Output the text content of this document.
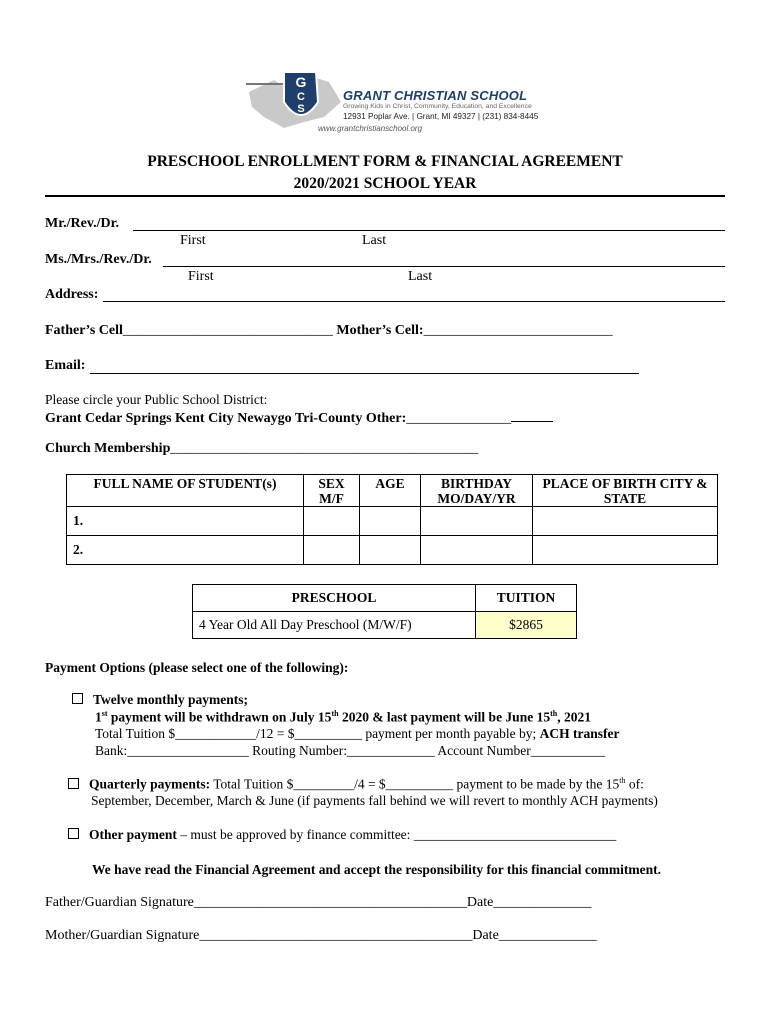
G
C
S
GRANT CHRISTIAN SCHOOL
Growing Kids in Christ, Community, Education, and Excellence
12931 Poplar Ave. | Grant, MI 49327 | (231) 834-8445
www.grantchristianschool.org
PRESCHOOL ENROLLMENT FORM & FINANCIAL AGREEMENT
2020/2021 SCHOOL YEAR
Mr./Rev./Dr.
First	Last
Ms./Mrs./Rev./Dr.
First	Last
Address:
Father’s Cell______________________________ Mother’s Cell:___________________________
Email:
Please circle your Public School District:
Grant Cedar Springs Kent City Newaygo Tri-County Other:_______________
Church Membership____________________________________________
FULL NAME OF STUDENT(s)	SEX M/F	AGE	BIRTHDAY MO/DAY/YR	PLACE OF BIRTH CITY & STATE
1.				
2.				
PRESCHOOL	TUITION
4 Year Old All Day Preschool (M/W/F)	$2865
Payment Options (please select one of the following):
Twelve monthly payments;
1st payment will be withdrawn on July 15th 2020 & last payment will be June 15th, 2021
Total Tuition $____________/12 = $__________ payment per month payable by; ACH transfer
Bank:__________________ Routing Number:_____________ Account Number___________
Quarterly payments: Total Tuition $_________/4 = $__________ payment to be made by the 15th of:
September, December, March & June (if payments fall behind we will revert to monthly ACH payments)
Other payment – must be approved by finance committee: ______________________________
We have read the Financial Agreement and accept the responsibility for this financial commitment.
Father/Guardian Signature_______________________________________Date______________
Mother/Guardian Signature_______________________________________Date______________
